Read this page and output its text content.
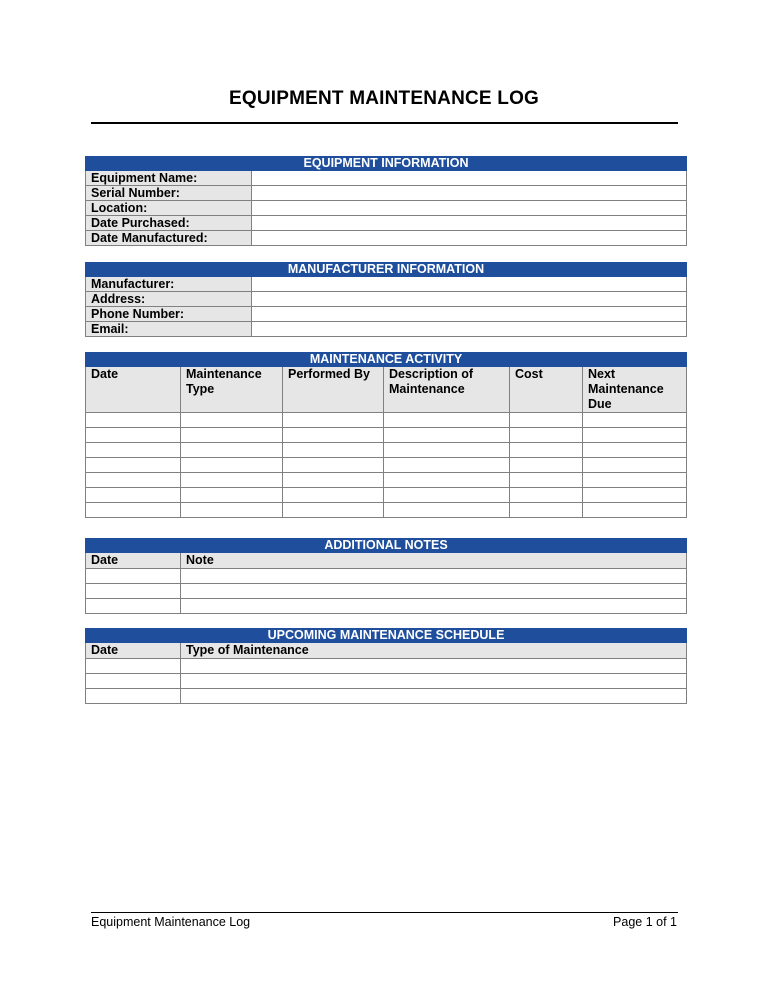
EQUIPMENT MAINTENANCE LOG
EQUIPMENT INFORMATION	
Equipment Name:	
Serial Number:	
Location:	
Date Purchased:	
Date Manufactured:	
MANUFACTURER INFORMATION	
Manufacturer:	
Address:	
Phone Number:	
Email:	
MAINTENANCE ACTIVITY					
Date	Maintenance Type	Performed By	Description of Maintenance	Cost	Next Maintenance Due

ADDITIONAL NOTES	
Date	Note

UPCOMING MAINTENANCE SCHEDULE	
Date	Type of Maintenance

Equipment Maintenance Log	Page 1 of 1
